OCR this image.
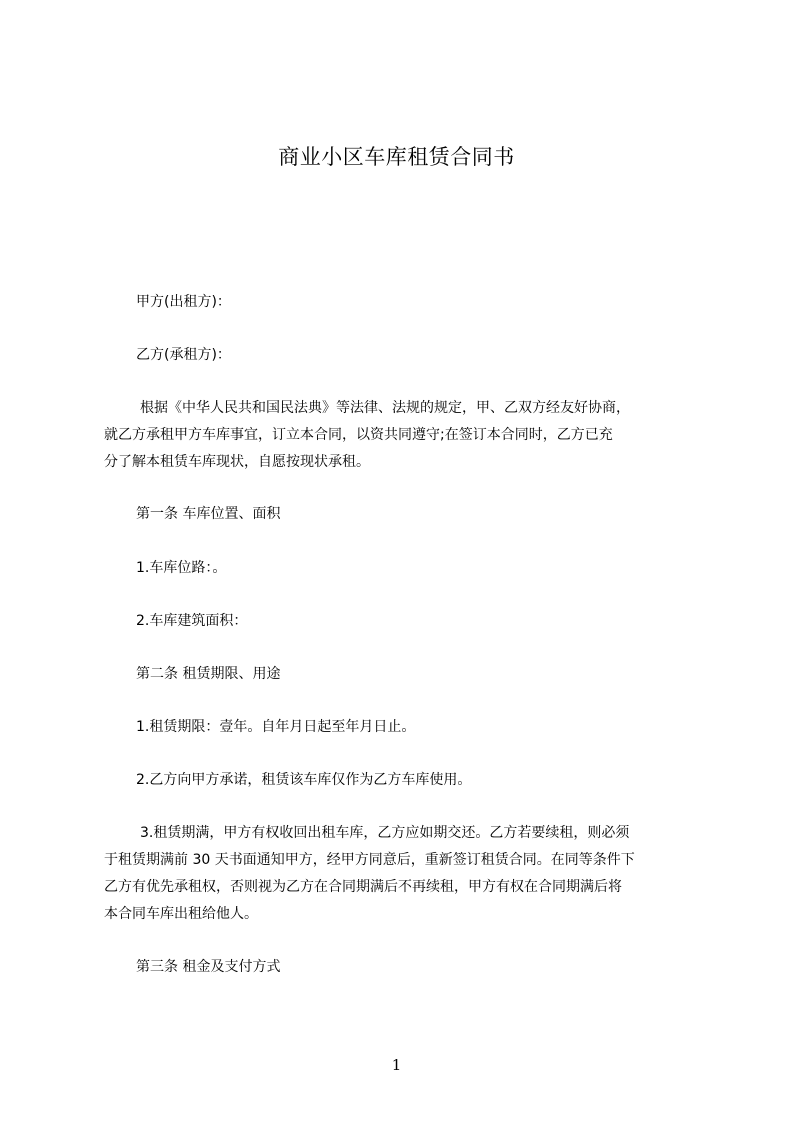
商业小区车库租赁合同书
甲方(出租方)：
乙方(承租方)：
根据《中华人民共和国民法典》等法律、法规的规定，甲、乙双方经友好协商，
就乙方承租甲方车库事宜，订立本合同，以资共同遵守;在签订本合同时，乙方已充
分了解本租赁车库现状，自愿按现状承租。
第一条 车库位置、面积
1.车库位路：。
2.车库建筑面积：
第二条 租赁期限、用途
1.租赁期限：壹年。自年月日起至年月日止。
2.乙方向甲方承诺，租赁该车库仅作为乙方车库使用。
3.租赁期满，甲方有权收回出租车库，乙方应如期交还。乙方若要续租，则必须
于租赁期满前 30 天书面通知甲方，经甲方同意后，重新签订租赁合同。在同等条件下
乙方有优先承租权，否则视为乙方在合同期满后不再续租，甲方有权在合同期满后将
本合同车库出租给他人。
第三条 租金及支付方式
1
